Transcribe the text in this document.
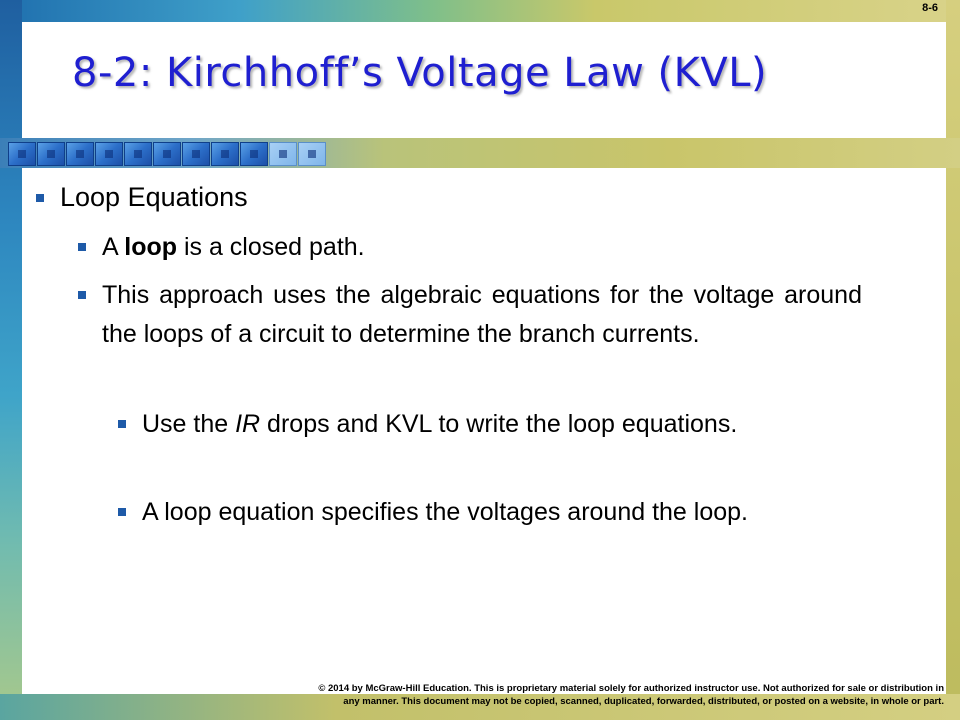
8-6
8-2: Kirchhoff’s Voltage Law (KVL)
Loop Equations
A loop is a closed path.
This approach uses the algebraic equations for the voltage around the loops of a circuit to determine the branch currents.
Use the IR drops and KVL to write the loop equations.
A loop equation specifies the voltages around the loop.
© 2014 by McGraw-Hill Education. This is proprietary material solely for authorized instructor use. Not authorized for sale or distribution in
any manner. This document may not be copied, scanned, duplicated, forwarded, distributed, or posted on a website, in whole or part.
